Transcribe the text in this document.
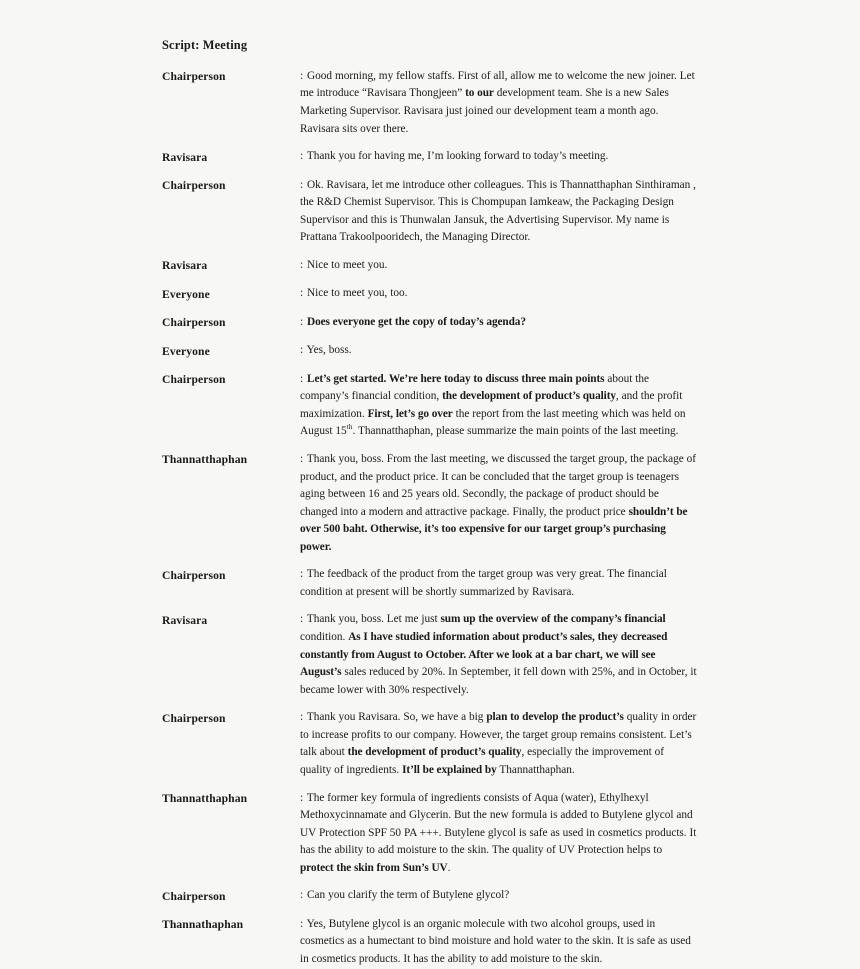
Script: Meeting
Chairperson	: Good morning, my fellow staffs. First of all, allow me to welcome the new joiner. Let me introduce “Ravisara Thongjeen” to our development team. She is a new Sales Marketing Supervisor. Ravisara just joined our development team a month ago. Ravisara sits over there.
Ravisara	: Thank you for having me, I’m looking forward to today’s meeting.
Chairperson	: Ok. Ravisara, let me introduce other colleagues. This is Thannatthaphan Sinthiraman , the R&D Chemist Supervisor. This is Chompupan Iamkeaw, the Packaging Design Supervisor and this is Thunwalan Jansuk, the Advertising Supervisor. My name is Prattana Trakoolpooridech, the Managing Director.
Ravisara	: Nice to meet you.
Everyone	: Nice to meet you, too.
Chairperson	: Does everyone get the copy of today’s agenda?
Everyone	: Yes, boss.
Chairperson	: Let’s get started. We’re here today to discuss three main points about the company’s financial condition, the development of product’s quality, and the profit maximization. First, let’s go over the report from the last meeting which was held on August 15th. Thannatthaphan, please summarize the main points of the last meeting.
Thannatthaphan	: Thank you, boss. From the last meeting, we discussed the target group, the package of product, and the product price. It can be concluded that the target group is teenagers aging between 16 and 25 years old. Secondly, the package of product should be changed into a modern and attractive package. Finally, the product price shouldn’t be over 500 baht. Otherwise, it’s too expensive for our target group’s purchasing power.
Chairperson	: The feedback of the product from the target group was very great. The financial condition at present will be shortly summarized by Ravisara.
Ravisara	: Thank you, boss. Let me just sum up the overview of the company’s financial condition. As I have studied information about product’s sales, they decreased constantly from August to October. After we look at a bar chart, we will see August’s sales reduced by 20%. In September, it fell down with 25%, and in October, it became lower with 30% respectively.
Chairperson	: Thank you Ravisara. So, we have a big plan to develop the product’s quality in order to increase profits to our company. However, the target group remains consistent. Let’s talk about the development of product’s quality, especially the improvement of quality of ingredients. It’ll be explained by Thannatthaphan.
Thannatthaphan	: The former key formula of ingredients consists of Aqua (water), Ethylhexyl Methoxycinnamate and Glycerin. But the new formula is added to Butylene glycol and UV Protection SPF 50 PA +++. Butylene glycol is safe as used in cosmetics products. It has the ability to add moisture to the skin. The quality of UV Protection helps to protect the skin from Sun’s UV.
Chairperson	: Can you clarify the term of Butylene glycol?
Thannathaphan	: Yes, Butylene glycol is an organic molecule with two alcohol groups, used in cosmetics as a humectant to bind moisture and hold water to the skin. It is safe as used in cosmetics products. It has the ability to add moisture to the skin.
